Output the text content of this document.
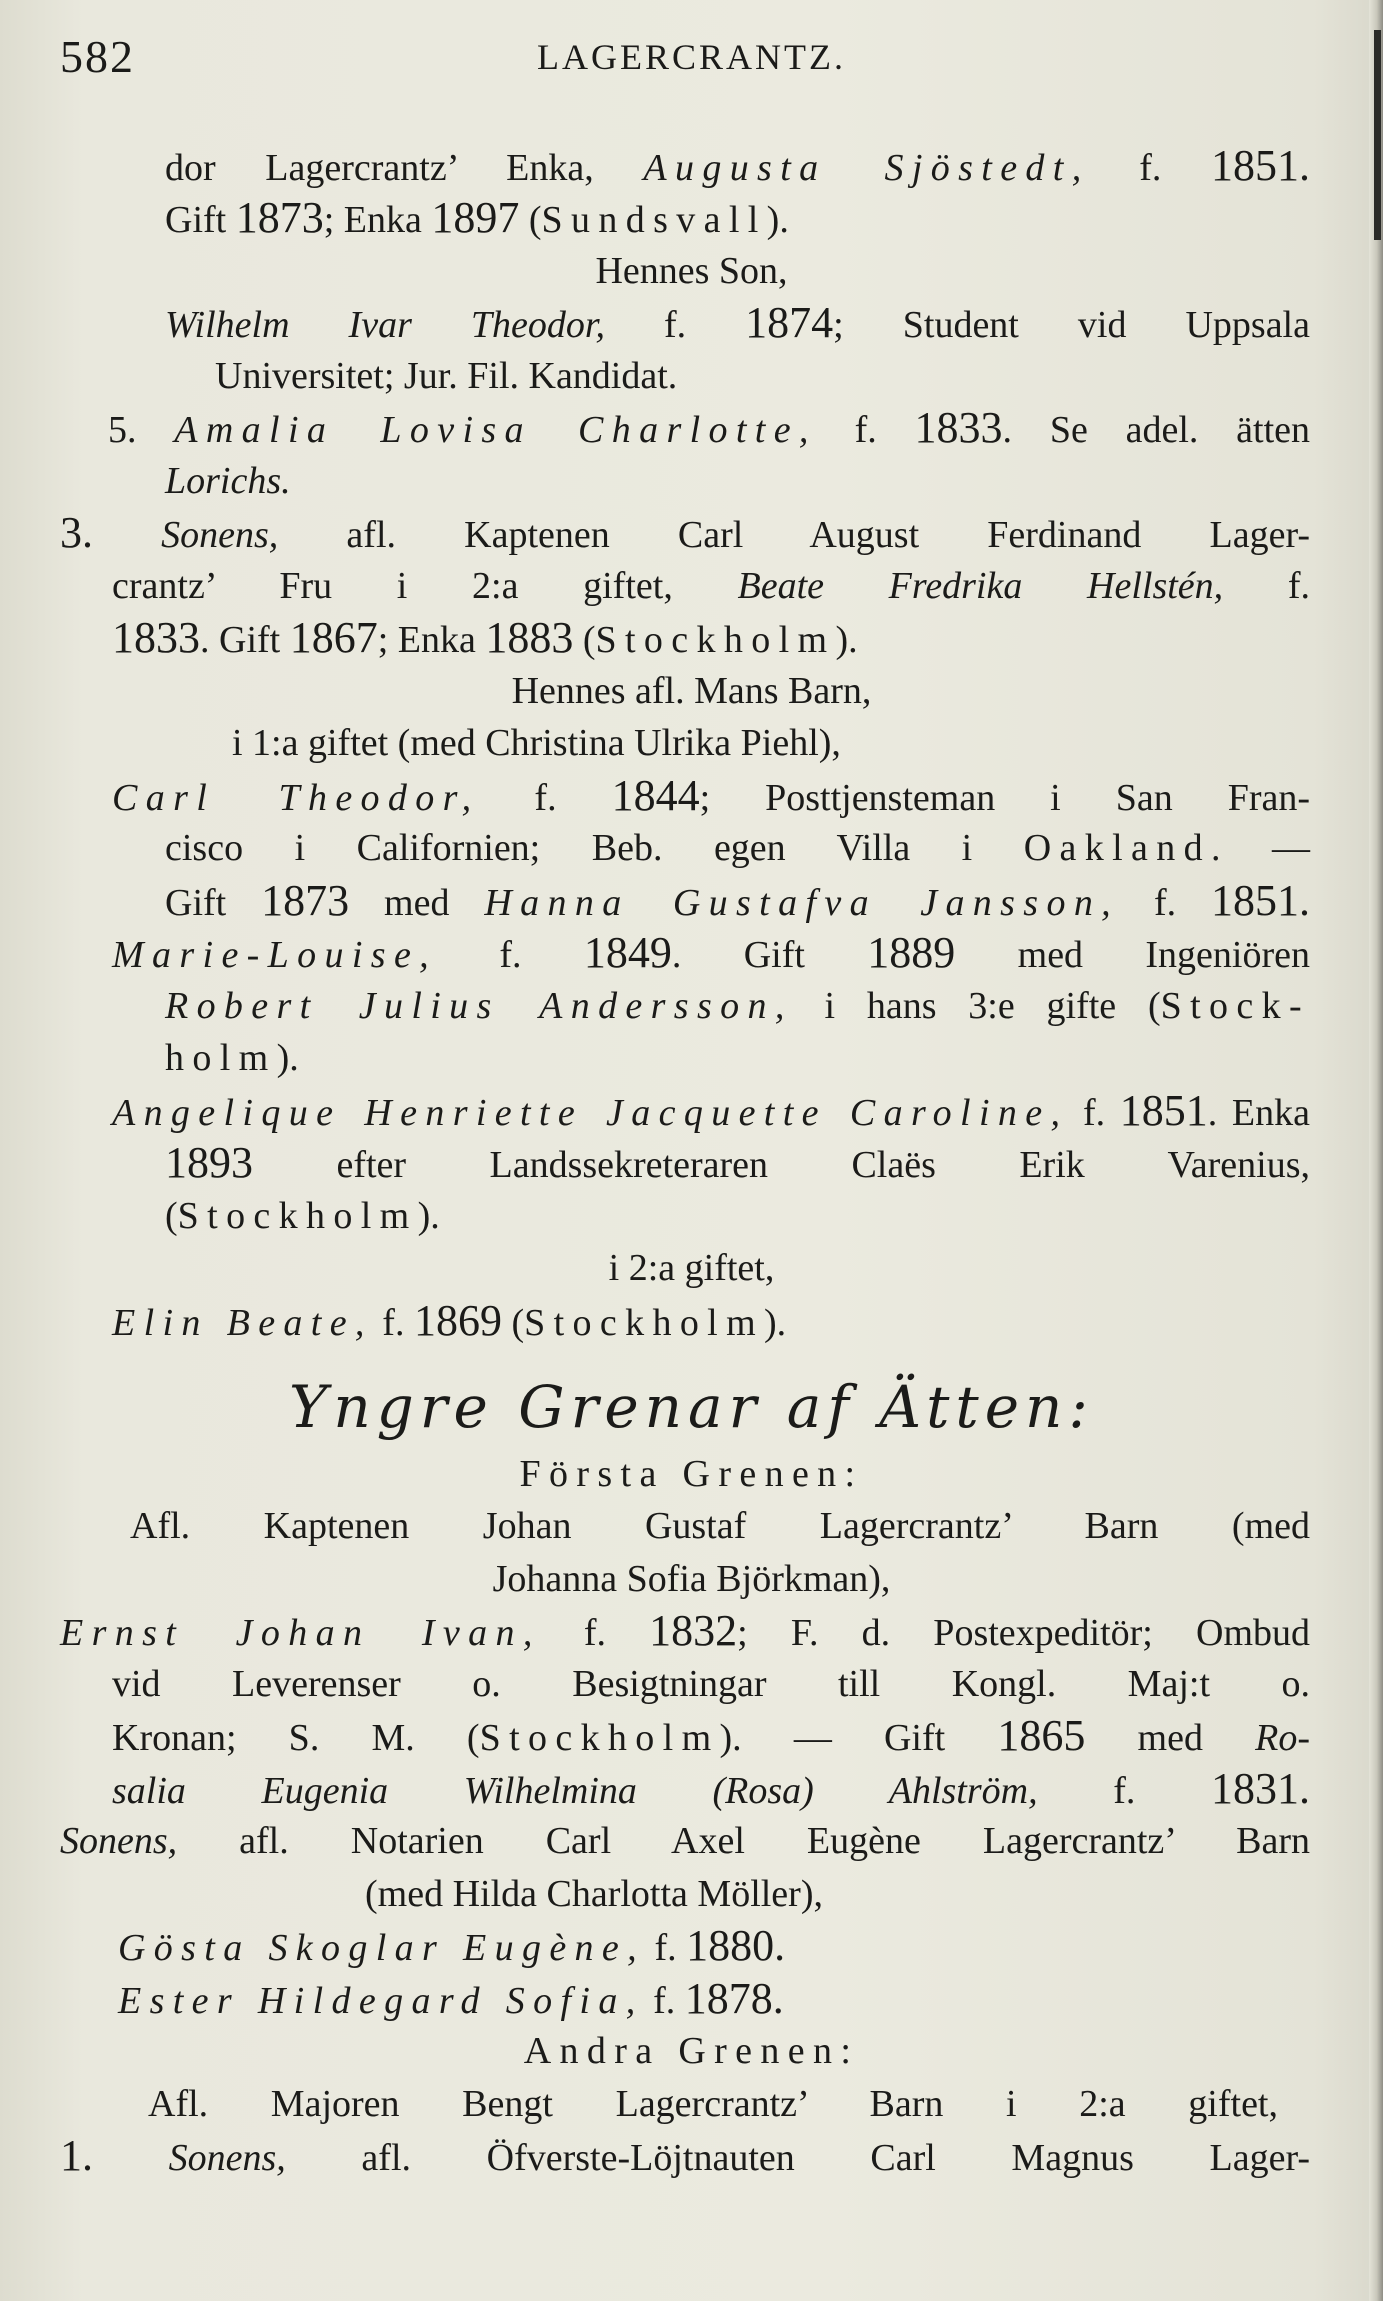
582	LAGERCRANTZ.
dor Lagercrantz’ Enka, Augusta Sjöstedt, f. 1851.
Gift 1873; Enka 1897 (Sundsvall).
Hennes Son,
Wilhelm Ivar Theodor, f. 1874; Student vid Uppsala
Universitet; Jur. Fil. Kandidat.
5. Amalia Lovisa Charlotte, f. 1833. Se adel. ätten
Lorichs.
3. Sonens, afl. Kaptenen Carl August Ferdinand Lager-
crantz’ Fru i 2:a giftet, Beate Fredrika Hellstén, f.
1833. Gift 1867; Enka 1883 (Stockholm).
Hennes afl. Mans Barn,
i 1:a giftet (med Christina Ulrika Piehl),
Carl Theodor, f. 1844; Posttjensteman i San Fran-
cisco i Californien; Beb. egen Villa i Oakland. —
Gift 1873 med Hanna Gustafva Jansson, f. 1851.
Marie-Louise, f. 1849. Gift 1889 med Ingeniören
Robert Julius Andersson, i hans 3:e gifte (Stock-
holm).
Angelique Henriette Jacquette Caroline, f. 1851. Enka
1893 efter Landssekreteraren Claës Erik Varenius,
(Stockholm).
i 2:a giftet,
Elin Beate, f. 1869 (Stockholm).
Yngre Grenar af Ätten:
Första Grenen:
Afl. Kaptenen Johan Gustaf Lagercrantz’ Barn (med
Johanna Sofia Björkman),
Ernst Johan Ivan, f. 1832; F. d. Postexpeditör; Ombud
vid Leverenser o. Besigtningar till Kongl. Maj:t o.
Kronan; S. M. (Stockholm). — Gift 1865 med Ro-
salia Eugenia Wilhelmina (Rosa) Ahlström, f. 1831.
Sonens, afl. Notarien Carl Axel Eugène Lagercrantz’ Barn
(med Hilda Charlotta Möller),
Gösta Skoglar Eugène, f. 1880.
Ester Hildegard Sofia, f. 1878.
Andra Grenen:
Afl. Majoren Bengt Lagercrantz’ Barn i 2:a giftet,
1. Sonens, afl. Öfverste-Löjtnauten Carl Magnus Lager-
